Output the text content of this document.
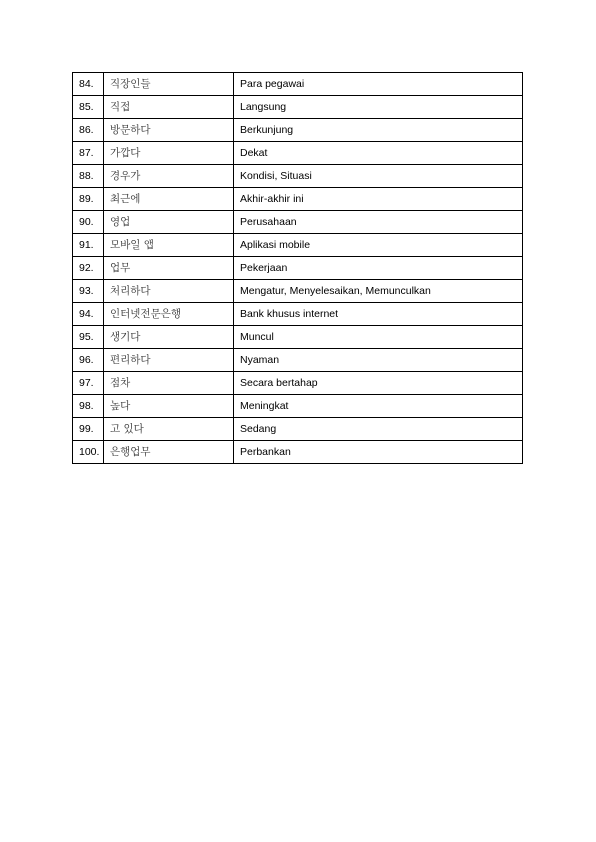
84.	직장인들	Para pegawai
85.	직접	Langsung
86.	방문하다	Berkunjung
87.	가깝다	Dekat
88.	경우가	Kondisi, Situasi
89.	최근에	Akhir-akhir ini
90.	영업	Perusahaan
91.	모바일 앱	Aplikasi mobile
92.	업무	Pekerjaan
93.	처리하다	Mengatur, Menyelesaikan, Memunculkan
94.	인터넷전문은행	Bank khusus internet
95.	생기다	Muncul
96.	편리하다	Nyaman
97.	점차	Secara bertahap
98.	높다	Meningkat
99.	고 있다	Sedang
100.	은행업무	Perbankan
